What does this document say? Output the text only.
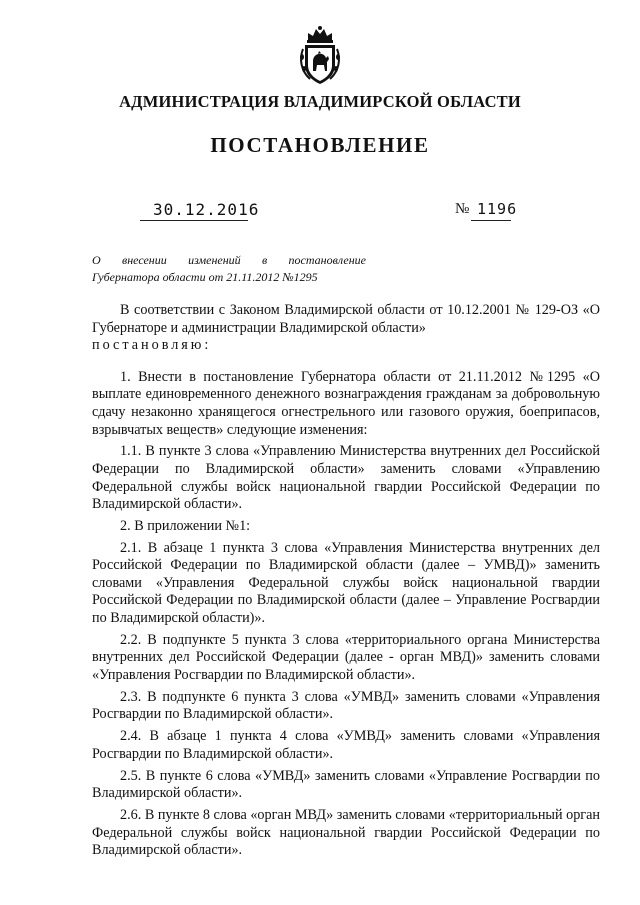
АДМИНИСТРАЦИЯ ВЛАДИМИРСКОЙ ОБЛАСТИ
ПОСТАНОВЛЕНИЕ
30.12.2016	№ 1196
О внесении изменений в постановление
Губернатора области от 21.11.2012 №1295

В соответствии с Законом Владимирской области от 10.12.2001 № 129-ОЗ «О Губернаторе и администрации Владимирской области»
постановляю:

1. Внести в постановление Губернатора области от 21.11.2012 №1295 «О выплате единовременного денежного вознаграждения гражданам за добровольную сдачу незаконно хранящегося огнестрельного или газового оружия, боеприпасов, взрывчатых веществ» следующие изменения:

1.1. В пункте 3 слова «Управлению Министерства внутренних дел Российской Федерации по Владимирской области» заменить словами «Управлению Федеральной службы войск национальной гвардии Российской Федерации по Владимирской области».

2. В приложении №1:

2.1. В абзаце 1 пункта 3 слова «Управления Министерства внутренних дел Российской Федерации по Владимирской области (далее – УМВД)» заменить словами «Управления Федеральной службы войск национальной гвардии Российской Федерации по Владимирской области (далее – Управление Росгвардии по Владимирской области)».

2.2. В подпункте 5 пункта 3 слова «территориального органа Министерства внутренних дел Российской Федерации (далее - орган МВД)» заменить словами «Управления Росгвардии по Владимирской области».

2.3. В подпункте 6 пункта 3 слова «УМВД» заменить словами «Управления Росгвардии по Владимирской области».

2.4. В абзаце 1 пункта 4 слова «УМВД» заменить словами «Управления Росгвардии по Владимирской области».

2.5. В пункте 6 слова «УМВД» заменить словами «Управление Росгвардии по Владимирской области».

2.6. В пункте 8 слова «орган МВД» заменить словами «территориальный орган Федеральной службы войск национальной гвардии Российской Федерации по Владимирской области».
